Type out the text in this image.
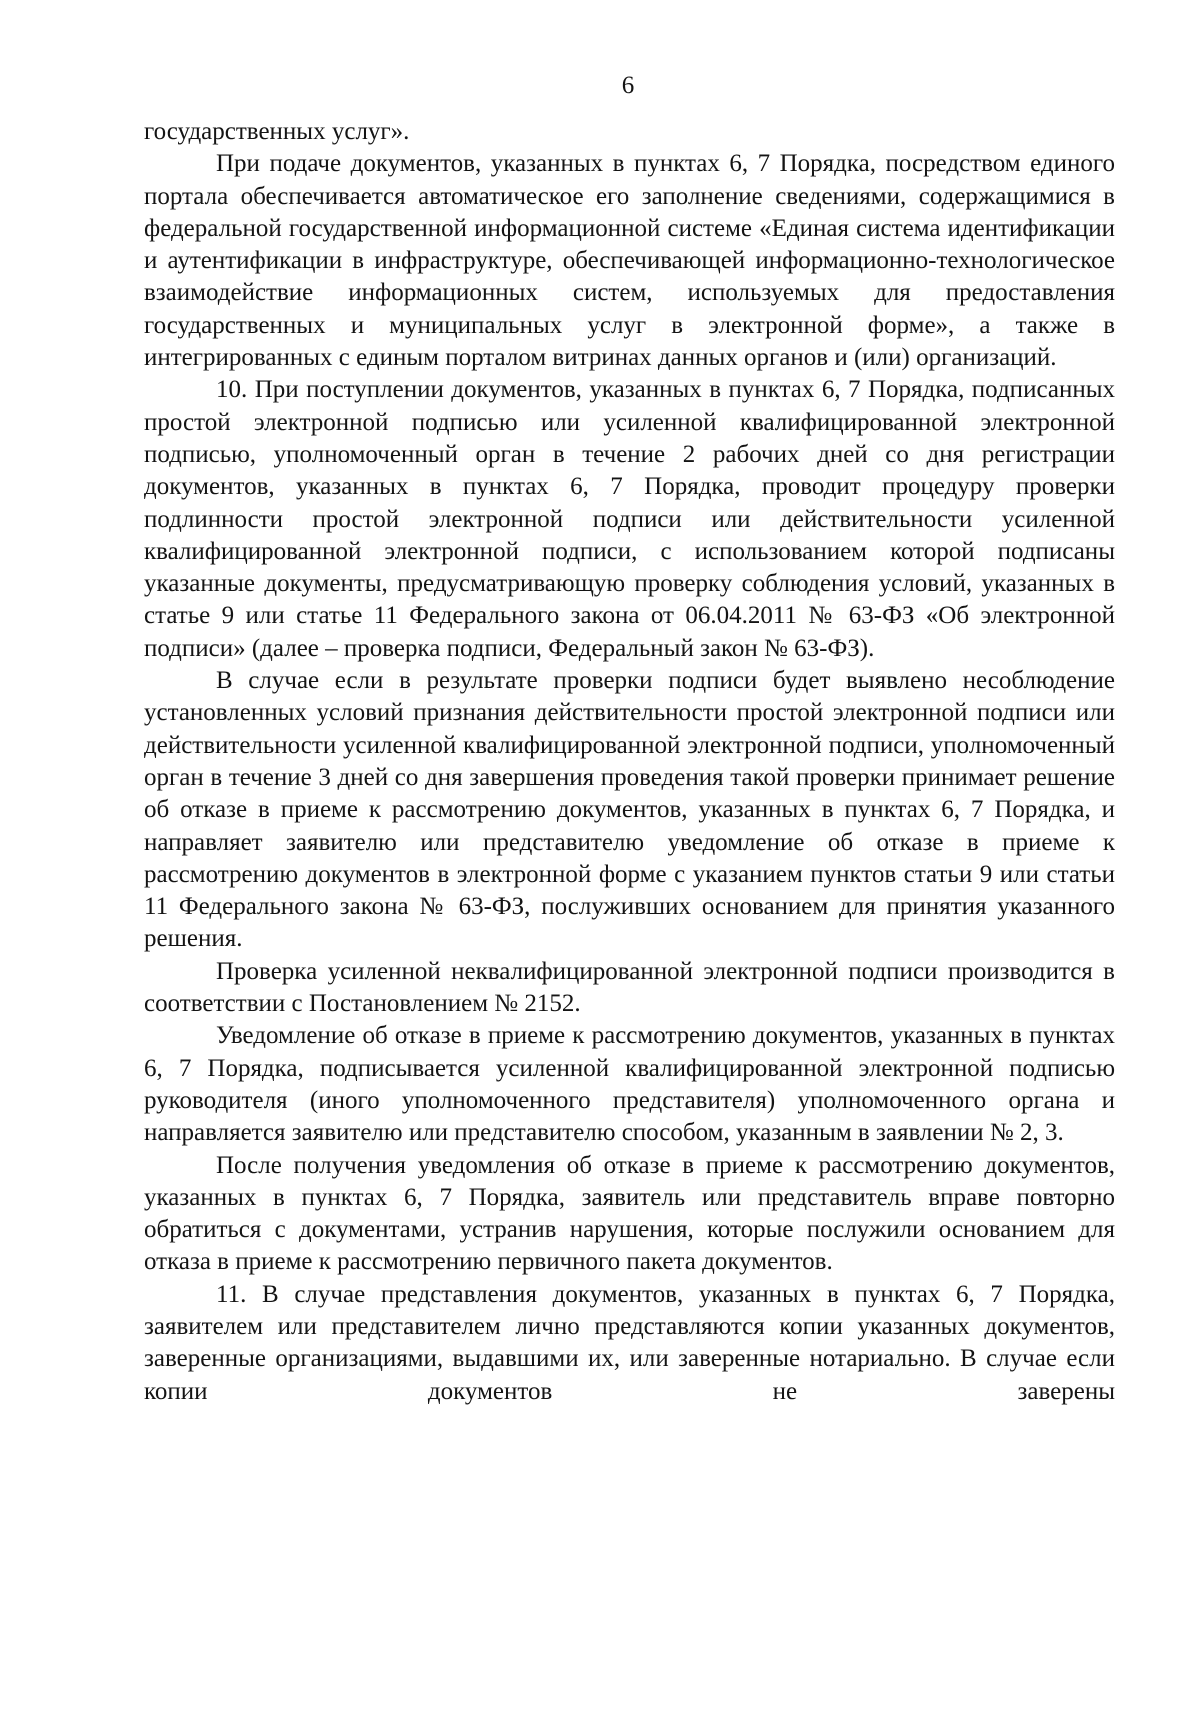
6

государственных услуг».

При подаче документов, указанных в пунктах 6, 7 Порядка, посредством единого портала обеспечивается автоматическое его заполнение сведениями, содержащимися в федеральной государственной информационной системе «Единая система идентификации и аутентификации в инфраструктуре, обеспечивающей информационно-технологическое взаимодействие информационных систем, используемых для предоставления государственных и муниципальных услуг в электронной форме», а также в интегрированных с единым порталом витринах данных органов и (или) организаций.

10. При поступлении документов, указанных в пунктах 6, 7 Порядка, подписанных простой электронной подписью или усиленной квалифицированной электронной подписью, уполномоченный орган в течение 2 рабочих дней со дня регистрации документов, указанных в пунктах 6, 7 Порядка, проводит процедуру проверки подлинности простой электронной подписи или действительности усиленной квалифицированной электронной подписи, с использованием которой подписаны указанные документы, предусматривающую проверку соблюдения условий, указанных в статье 9 или статье 11 Федерального закона от 06.04.2011 № 63-ФЗ «Об электронной подписи» (далее – проверка подписи, Федеральный закон № 63-ФЗ).

В случае если в результате проверки подписи будет выявлено несоблюдение установленных условий признания действительности простой электронной подписи или действительности усиленной квалифицированной электронной подписи, уполномоченный орган в течение 3 дней со дня завершения проведения такой проверки принимает решение об отказе в приеме к рассмотрению документов, указанных в пунктах 6, 7 Порядка, и направляет заявителю или представителю уведомление об отказе в приеме к рассмотрению документов в электронной форме с указанием пунктов статьи 9 или статьи 11 Федерального закона № 63-ФЗ, послуживших основанием для принятия указанного решения.

Проверка усиленной неквалифицированной электронной подписи производится в соответствии с Постановлением № 2152.

Уведомление об отказе в приеме к рассмотрению документов, указанных в пунктах 6, 7 Порядка, подписывается усиленной квалифицированной электронной подписью руководителя (иного уполномоченного представителя) уполномоченного органа и направляется заявителю или представителю способом, указанным в заявлении № 2, 3.

После получения уведомления об отказе в приеме к рассмотрению документов, указанных в пунктах 6, 7 Порядка, заявитель или представитель вправе повторно обратиться с документами, устранив нарушения, которые послужили основанием для отказа в приеме к рассмотрению первичного пакета документов.

11. В случае представления документов, указанных в пунктах 6, 7 Порядка, заявителем или представителем лично представляются копии указанных документов, заверенные организациями, выдавшими их, или заверенные нотариально. В случае если копии документов не заверены
